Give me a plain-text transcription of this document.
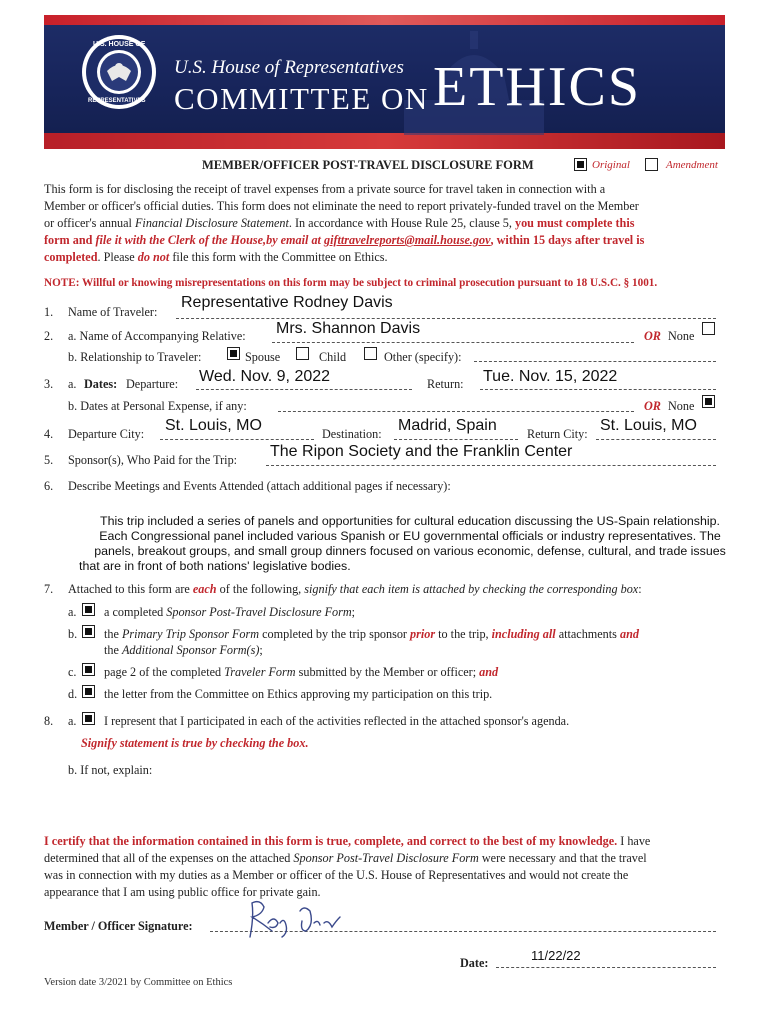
U.S. HOUSE OF
REPRESENTATIVES
U.S. House of Representatives
COMMITTEE ON ETHICS
MEMBER/OFFICER POST-TRAVEL DISCLOSURE FORM	Original	Amendment
This form is for disclosing the receipt of travel expenses from a private source for travel taken in connection with a
Member or officer's official duties. This form does not eliminate the need to report privately-funded travel on the Member
or officer's annual Financial Disclosure Statement. In accordance with House Rule 25, clause 5, you must complete this
form and file it with the Clerk of the House,by email at gifttravelreports@mail.house.gov, within 15 days after travel is
completed. Please do not file this form with the Committee on Ethics.
NOTE: Willful or knowing misrepresentations on this form may be subject to criminal prosecution pursuant to 18 U.S.C. § 1001.
1. Name of Traveler:
Representative Rodney Davis
2. a. Name of Accompanying Relative: Mrs. Shannon Davis	OR None
b. Relationship to Traveler:	Spouse	Child	Other (specify):
3. a. Dates: Departure: Wed. Nov. 9, 2022	Return: Tue. Nov. 15, 2022
b. Dates at Personal Expense, if any:	OR None
4. Departure City: St. Louis, MO	Destination: Madrid, Spain Return City: St. Louis, MO
5. Sponsor(s), Who Paid for the Trip: The Ripon Society and the Franklin Center
6. Describe Meetings and Events Attended (attach additional pages if necessary):
This trip included a series of panels and opportunities for cultural education discussing the US-Spain relationship.
Each Congressional panel included various Spanish or EU governmental officials or industry representatives. The
panels, breakout groups, and small group dinners focused on various economic, defense, cultural, and trade issues
that are in front of both nations' legislative bodies.
7. Attached to this form are each of the following, signify that each item is attached by checking the corresponding box:
a. a completed Sponsor Post-Travel Disclosure Form;
b. the Primary Trip Sponsor Form completed by the trip sponsor prior to the trip, including all attachments and
the Additional Sponsor Form(s);
c. page 2 of the completed Traveler Form submitted by the Member or officer; and
d. the letter from the Committee on Ethics approving my participation on this trip.
8. a. I represent that I participated in each of the activities reflected in the attached sponsor's agenda.
Signify statement is true by checking the box.
b. If not, explain:
I certify that the information contained in this form is true, complete, and correct to the best of my knowledge. I have
determined that all of the expenses on the attached Sponsor Post-Travel Disclosure Form were necessary and that the travel
was in connection with my duties as a Member or officer of the U.S. House of Representatives and would not create the
appearance that I am using public office for private gain.
Member / Officer Signature:
Date:	11/22/22
Version date 3/2021 by Committee on Ethics
